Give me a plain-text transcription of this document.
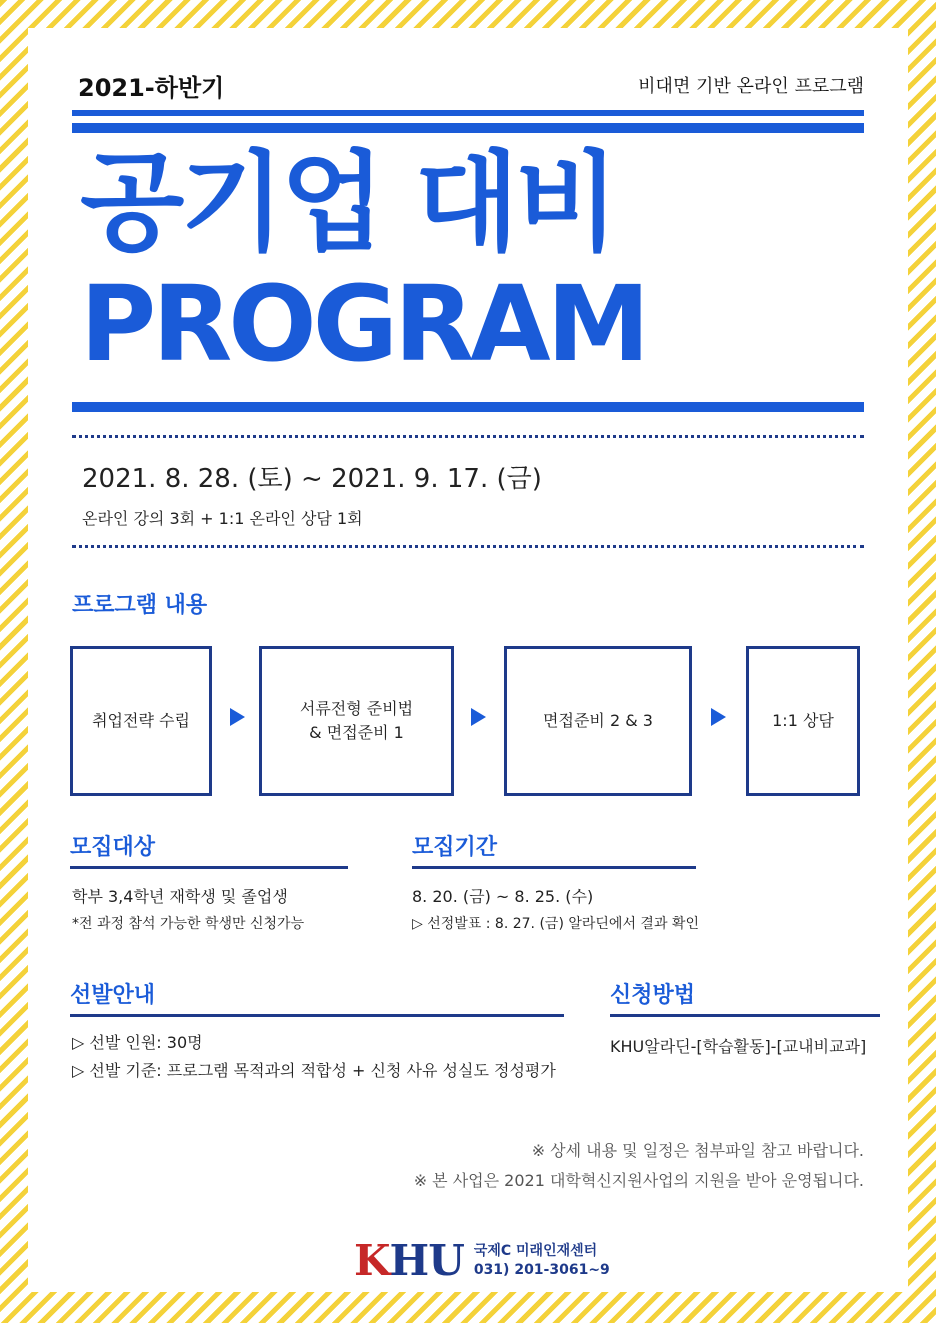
2021-하반기	비대면 기반 온라인 프로그램
공기업 대비
PROGRAM
2021. 8. 28. (토) ~ 2021. 9. 17. (금)
온라인 강의 3회 + 1:1 온라인 상담 1회
프로그램 내용
취업전략 수립
서류전형 준비법
& 면접준비 1
면접준비 2 & 3	1:1 상담
모집대상
학부 3,4학년 재학생 및 졸업생
*전 과정 참석 가능한 학생만 신청가능
모집기간
8. 20. (금) ~ 8. 25. (수)
▷ 선정발표 : 8. 27. (금) 알라딘에서 결과 확인
선발안내
▷ 선발 인원: 30명
▷ 선발 기준: 프로그램 목적과의 적합성 + 신청 사유 성실도 정성평가
신청방법
KHU알라딘-[학습활동]-[교내비교과]
※ 상세 내용 및 일정은 첨부파일 참고 바랍니다.
※ 본 사업은 2021 대학혁신지원사업의 지원을 받아 운영됩니다.
KHU 국제C 미래인재센터
031) 201-3061~9
